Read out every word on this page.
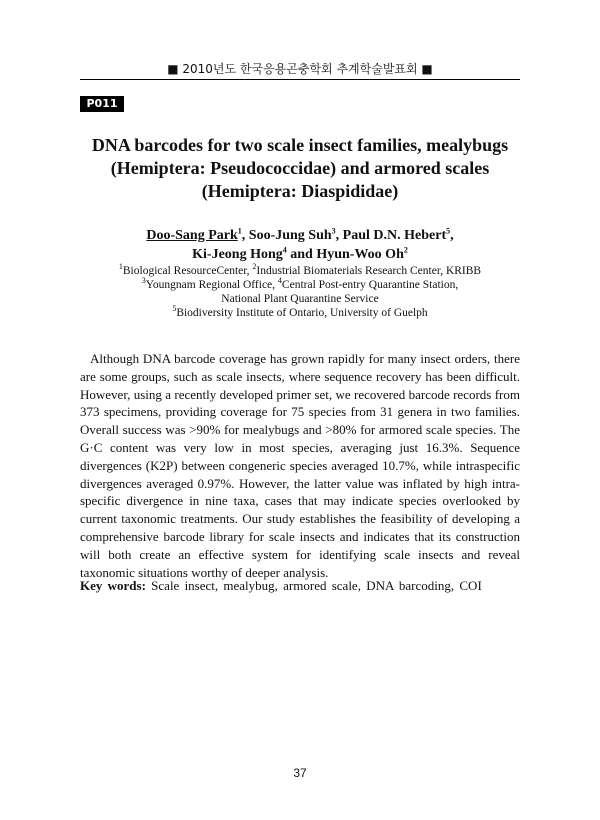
■ 2010년도 한국응용곤충학회 추계학술발표회 ■
P011
DNA barcodes for two scale insect families, mealybugs
(Hemiptera: Pseudococcidae) and armored scales
(Hemiptera: Diaspididae)
Doo-Sang Park$^1$, Soo-Jung Suh$^3$, Paul D.N. Hebert$^5$,
Ki-Jeong Hong$^4$ and Hyun-Woo Oh$^2$
$^1$Biological ResourceCenter, $^2$Industrial Biomaterials Research Center, KRIBB
$^3$Youngnam Regional Office, $^4$Central Post-entry Quarantine Station,
National Plant Quarantine Service
$^5$Biodiversity Institute of Ontario, University of Guelph

Although DNA barcode coverage has grown rapidly for many insect orders, there are some groups, such as scale insects, where sequence recovery has been difficult. However, using a recently developed primer set, we recovered barcode records from 373 specimens, providing coverage for 75 species from 31 genera in two families. Overall success was >90% for mealybugs and >80% for armored scale species. The G·C content was very low in most species, averaging just 16.3%. Sequence divergences (K2P) between congeneric species averaged 10.7%, while intraspecific divergences averaged 0.97%. However, the latter value was inflated by high intra-specific divergence in nine taxa, cases that may indicate species overlooked by current taxonomic treatments. Our study establishes the feasibility of developing a comprehensive barcode library for scale insects and indicates that its construction will both create an effective system for identifying scale insects and reveal taxonomic situations worthy of deeper analysis.

Key words: Scale insect, mealybug, armored scale, DNA barcoding, COI
37
